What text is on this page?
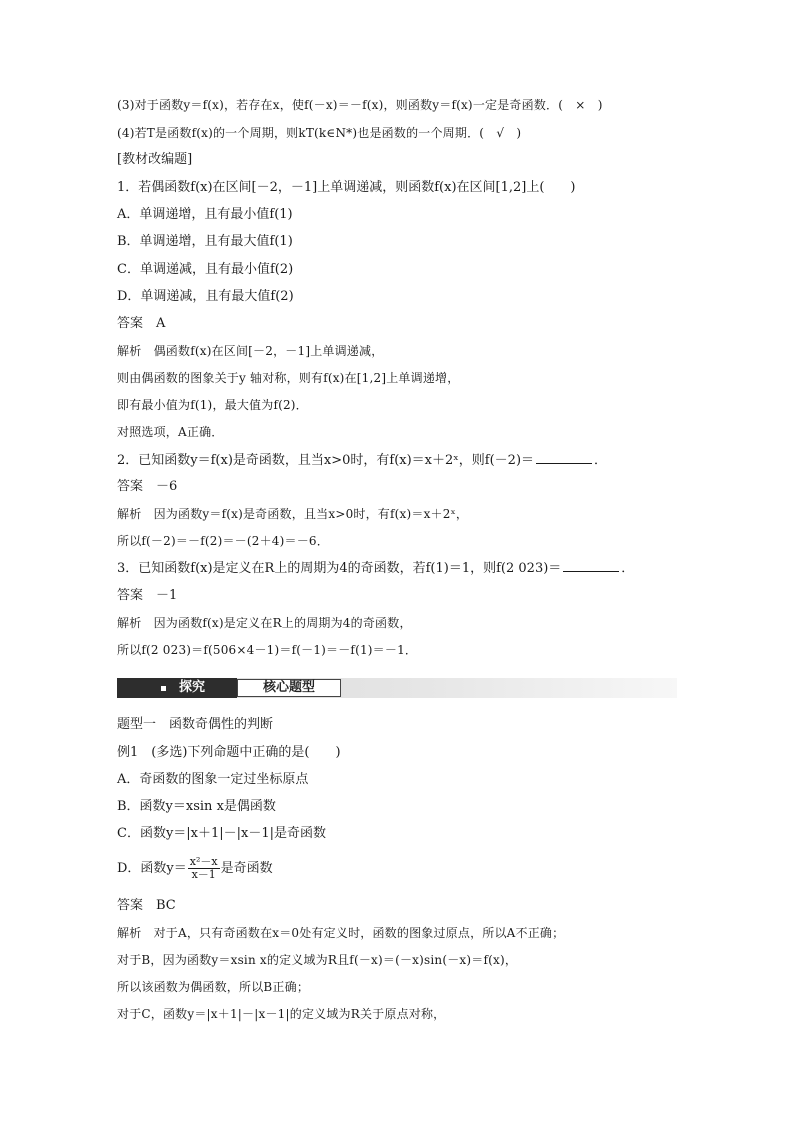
(3)对于函数y＝f(x)，若存在x，使f(－x)＝－f(x)，则函数y＝f(x)一定是奇函数．(　×　)
(4)若T是函数f(x)的一个周期，则kT(k∈N*)也是函数的一个周期．(　√　)
[教材改编题]
1．若偶函数f(x)在区间[－2，－1]上单调递减，则函数f(x)在区间[1,2]上(　　)
A．单调递增，且有最小值f(1)
B．单调递增，且有最大值f(1)
C．单调递减，且有最小值f(2)
D．单调递减，且有最大值f(2)
答案　A
解析　偶函数f(x)在区间[－2，－1]上单调递减，
则由偶函数的图象关于y 轴对称，则有f(x)在[1,2]上单调递增，
即有最小值为f(1)，最大值为f(2)．
对照选项，A正确．
2．已知函数y＝f(x)是奇函数，且当x>0时，有f(x)＝x＋2ˣ，则f(－2)＝	．
答案　－6
解析　因为函数y＝f(x)是奇函数，且当x>0时，有f(x)＝x＋2ˣ，
所以f(－2)＝－f(2)＝－(2＋4)＝－6．
3．已知函数f(x)是定义在R上的周期为4的奇函数，若f(1)＝1，则f(2 023)＝	．
答案　－1
解析　因为函数f(x)是定义在R上的周期为4的奇函数，
所以f(2 023)＝f(506×4－1)＝f(－1)＝－f(1)＝－1．
探究	核心题型
题型一　函数奇偶性的判断
例1　(多选)下列命题中正确的是(　　)
A．奇函数的图象一定过坐标原点
B．函数y＝xsin x是偶函数
C．函数y＝|x＋1|－|x－1|是奇函数
D．函数$y= \frac{\text{x²－x}}{x-1}$ 是奇函数
答案　BC
解析　对于A，只有奇函数在x＝0处有定义时，函数的图象过原点，所以A不正确；
对于B，因为函数y＝xsin x的定义域为R且f(－x)＝(－x)sin(－x)＝f(x)，
所以该函数为偶函数，所以B正确；
对于C，函数y＝|x＋1|－|x－1|的定义域为R关于原点对称，
